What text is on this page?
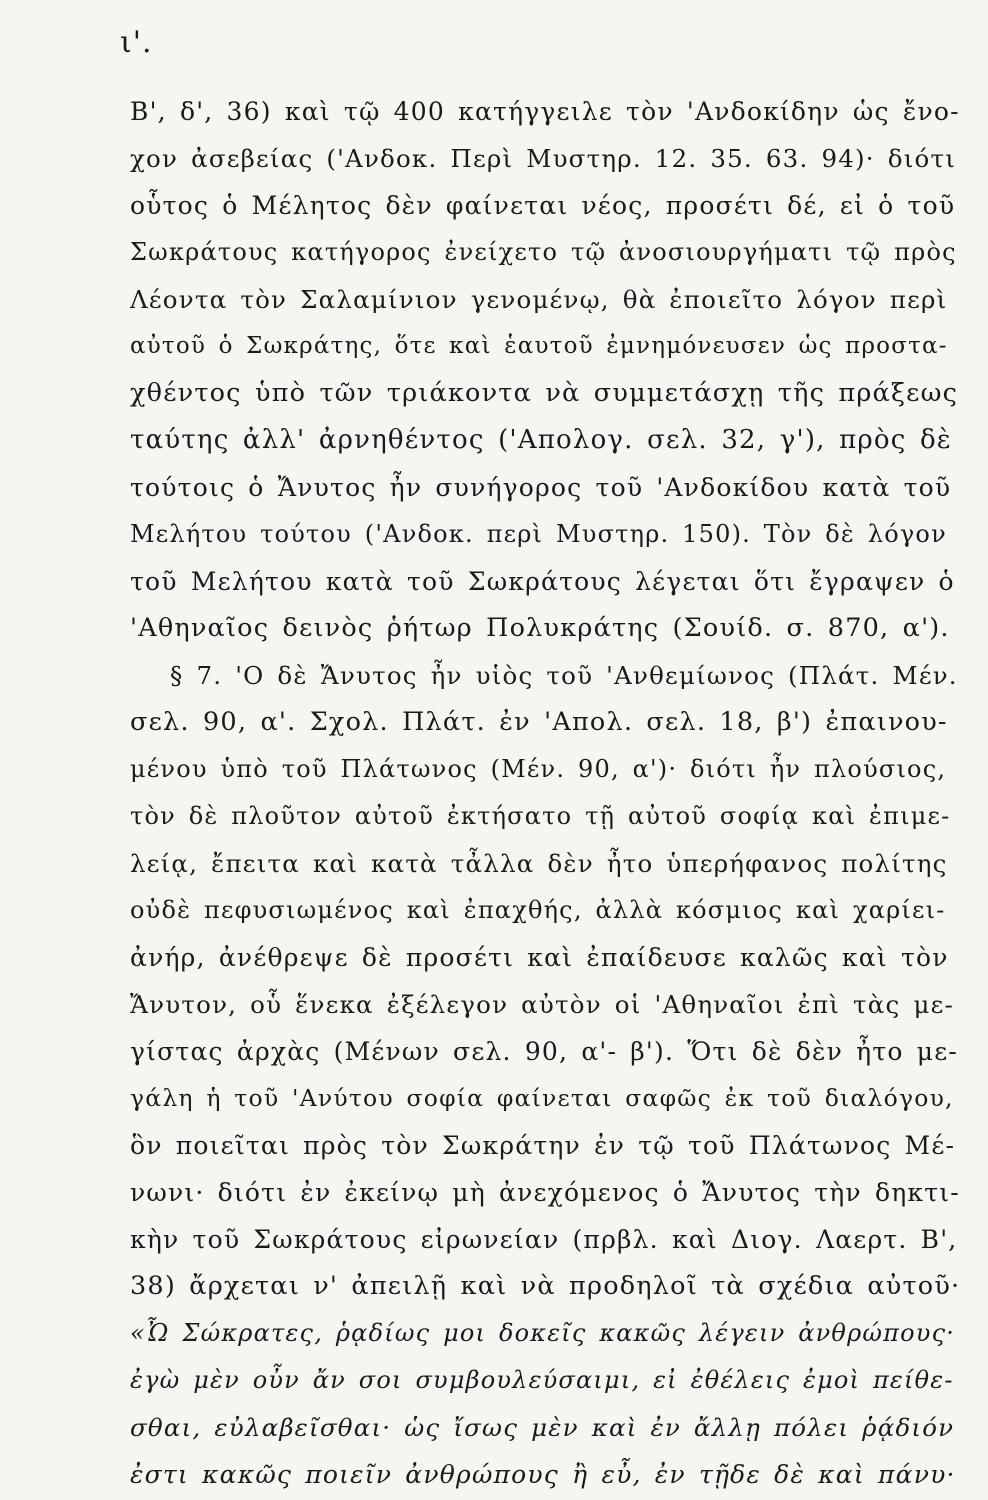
ι'.
Β', δ', 36) καὶ τῷ 400 κατήγγειλε τὸν 'Ανδοκίδην ὡς ἔνο-
χον ἀσεβείας ('Ανδοκ. Περὶ Μυστηρ. 12. 35. 63. 94)· διότι
οὗτος ὁ Μέλητος δὲν φαίνεται νέος, προσέτι δέ, εἰ ὁ τοῦ
Σωκράτους κατήγορος ἐνείχετο τῷ ἀνοσιουργήματι τῷ πρὸς
Λέοντα τὸν Σαλαμίνιον γενομένῳ, θὰ ἐποιεῖτο λόγον περὶ
αὐτοῦ ὁ Σωκράτης, ὅτε καὶ ἑαυτοῦ ἐμνημόνευσεν ὡς προστα-
χθέντος ὑπὸ τῶν τριάκοντα νὰ συμμετάσχῃ τῆς πράξεως
ταύτης ἀλλ' ἀρνηθέντος ('Απολογ. σελ. 32, γ'), πρὸς δὲ
τούτοις ὁ Ἄνυτος ἦν συνήγορος τοῦ 'Ανδοκίδου κατὰ τοῦ
Μελήτου τούτου ('Ανδοκ. περὶ Μυστηρ. 150). Τὸν δὲ λόγον
τοῦ Μελήτου κατὰ τοῦ Σωκράτους λέγεται ὅτι ἔγραψεν ὁ
'Αθηναῖος δεινὸς ῥήτωρ Πολυκράτης (Σουίδ. σ. 870, α').
§ 7. 'Ο δὲ Ἄνυτος ἦν υἱὸς τοῦ 'Ανθεμίωνος (Πλάτ. Μέν.
σελ. 90, α'. Σχολ. Πλάτ. ἐν 'Απολ. σελ. 18, β') ἐπαινου-
μένου ὑπὸ τοῦ Πλάτωνος (Μέν. 90, α')· διότι ἦν πλούσιος,
τὸν δὲ πλοῦτον αὐτοῦ ἐκτήσατο τῇ αὐτοῦ σοφίᾳ καὶ ἐπιμε-
λείᾳ, ἔπειτα καὶ κατὰ τἆλλα δὲν ἦτο ὑπερήφανος πολίτης
οὐδὲ πεφυσιωμένος καὶ ἐπαχθής, ἀλλὰ κόσμιος καὶ χαρίει-
ἀνήρ, ἀνέθρεψε δὲ προσέτι καὶ ἐπαίδευσε καλῶς καὶ τὸν
Ἄνυτον, οὗ ἕνεκα ἐξέλεγον αὐτὸν οἱ 'Αθηναῖοι ἐπὶ τὰς με-
γίστας ἀρχὰς (Μένων σελ. 90, α'- β'). Ὅτι δὲ δὲν ἦτο με-
γάλη ἡ τοῦ 'Ανύτου σοφία φαίνεται σαφῶς ἐκ τοῦ διαλόγου,
ὃν ποιεῖται πρὸς τὸν Σωκράτην ἐν τῷ τοῦ Πλάτωνος Μέ-
νωνι· διότι ἐν ἐκείνῳ μὴ ἀνεχόμενος ὁ Ἄνυτος τὴν δηκτι-
κὴν τοῦ Σωκράτους εἰρωνείαν (πρβλ. καὶ Διογ. Λαερτ. Β',
38) ἄρχεται ν' ἀπειλῇ καὶ νὰ προδηλοῖ τὰ σχέδια αὐτοῦ·
«Ὦ Σώκρατες, ῥᾳδίως μοι δοκεῖς κακῶς λέγειν ἀνθρώπους·
ἐγὼ μὲν οὖν ἄν σοι συμβουλεύσαιμι, εἰ ἐθέλεις ἐμοὶ πείθε-
σθαι, εὐλαβεῖσθαι· ὡς ἴσως μὲν καὶ ἐν ἄλλῃ πόλει ῥᾴδιόν
ἐστι κακῶς ποιεῖν ἀνθρώπους ἢ εὖ, ἐν τῇδε δὲ καὶ πάνυ·
